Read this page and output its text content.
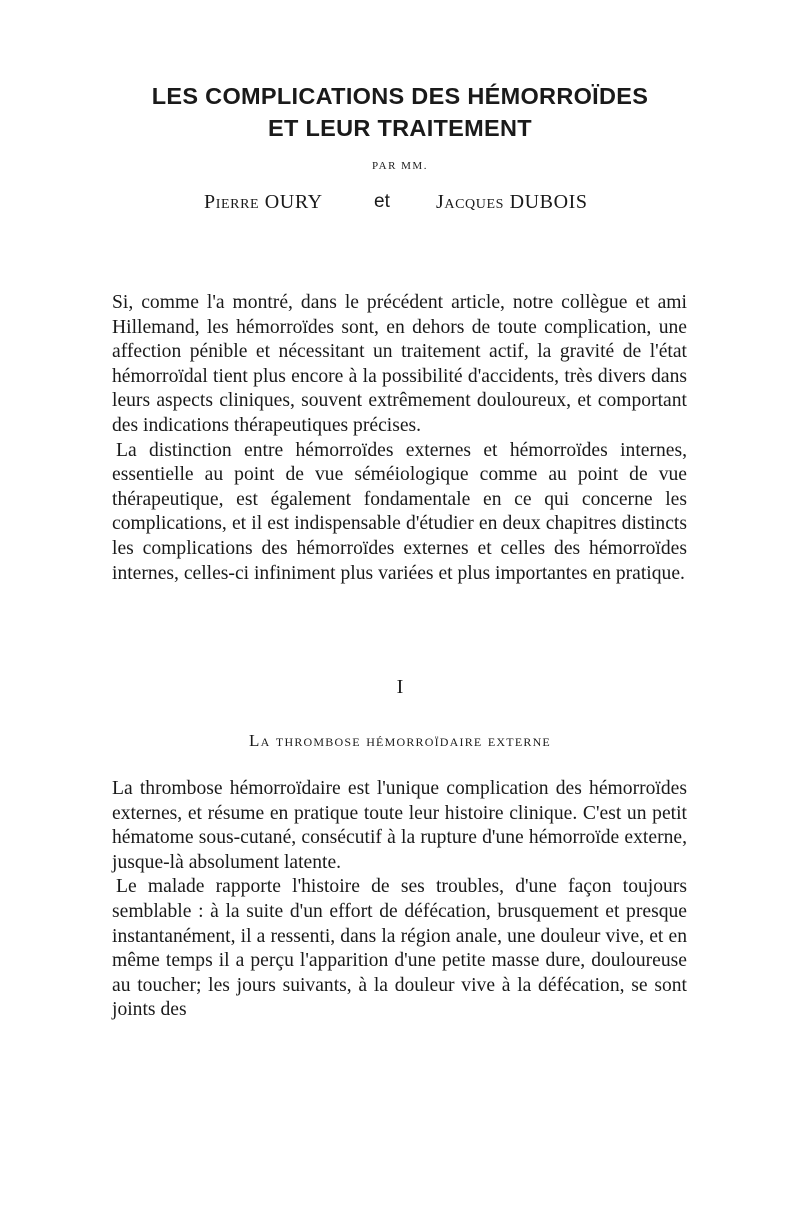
LES COMPLICATIONS DES HÉMORROÏDES
ET LEUR TRAITEMENT
PAR MM.
Pierre OURY	et Jacques DUBOIS

Si, comme l'a montré, dans le précédent article, notre collègue et ami Hillemand, les hémorroïdes sont, en dehors de toute complication, une affection pénible et nécessitant un traitement actif, la gravité de l'état hémorroïdal tient plus encore à la possibilité d'accidents, très divers dans leurs aspects cliniques, souvent extrêmement douloureux, et comportant des indications thérapeutiques précises.

La distinction entre hémorroïdes externes et hémorroïdes internes, essentielle au point de vue séméiologique comme au point de vue thérapeutique, est également fondamentale en ce qui concerne les complications, et il est indispensable d'étudier en deux chapitres distincts les complications des hémorroïdes externes et celles des hémorroïdes internes, celles-ci infiniment plus variées et plus importantes en pratique.

I
La thrombose hémorroïdaire externe

La thrombose hémorroïdaire est l'unique complication des hémorroïdes externes, et résume en pratique toute leur histoire clinique. C'est un petit hématome sous-cutané, consécutif à la rupture d'une hémorroïde externe, jusque-là absolument latente.

Le malade rapporte l'histoire de ses troubles, d'une façon toujours semblable : à la suite d'un effort de défécation, brusquement et presque instantanément, il a ressenti, dans la région anale, une douleur vive, et en même temps il a perçu l'apparition d'une petite masse dure, douloureuse au toucher; les jours suivants, à la douleur vive à la défécation, se sont joints des
